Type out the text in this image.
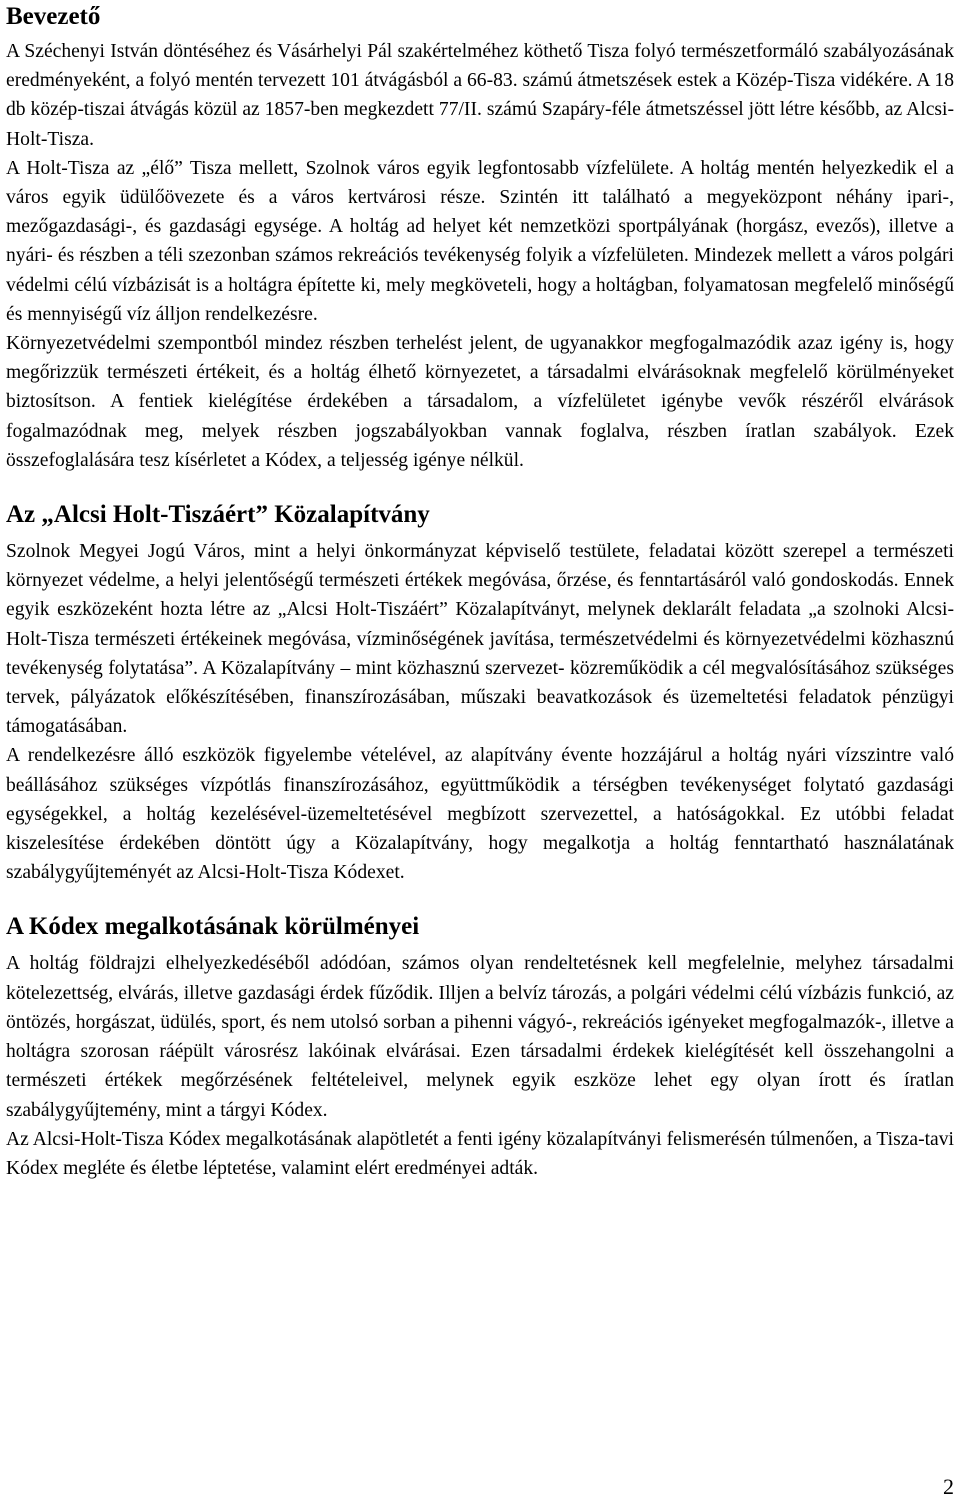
Bevezető

A Széchenyi István döntéséhez és Vásárhelyi Pál szakértelméhez köthető Tisza folyó természetformáló szabályozásának eredményeként, a folyó mentén tervezett 101 átvágásból a 66-83. számú átmetszések estek a Közép-Tisza vidékére. A 18 db közép-tiszai átvágás közül az 1857-ben megkezdett 77/II. számú Szapáry-féle átmetszéssel jött létre később, az Alcsi-Holt-Tisza.

A Holt-Tisza az „élő” Tisza mellett, Szolnok város egyik legfontosabb vízfelülete. A holtág mentén helyezkedik el a város egyik üdülőövezete és a város kertvárosi része. Szintén itt található a megyeközpont néhány ipari-, mezőgazdasági-, és gazdasági egysége. A holtág ad helyet két nemzetközi sportpályának (horgász, evezős), illetve a nyári- és részben a téli szezonban számos rekreációs tevékenység folyik a vízfelületen. Mindezek mellett a város polgári védelmi célú vízbázisát is a holtágra építette ki, mely megköveteli, hogy a holtágban, folyamatosan megfelelő minőségű és mennyiségű víz álljon rendelkezésre.

Környezetvédelmi szempontból mindez részben terhelést jelent, de ugyanakkor megfogalmazódik azaz igény is, hogy megőrizzük természeti értékeit, és a holtág élhető környezetet, a társadalmi elvárásoknak megfelelő körülményeket biztosítson. A fentiek kielégítése érdekében a társadalom, a vízfelületet igénybe vevők részéről elvárások fogalmazódnak meg, melyek részben jogszabályokban vannak foglalva, részben íratlan szabályok. Ezek összefoglalására tesz kísérletet a Kódex, a teljesség igénye nélkül.

Az „Alcsi Holt-Tiszáért” Közalapítvány

Szolnok Megyei Jogú Város, mint a helyi önkormányzat képviselő testülete, feladatai között szerepel a természeti környezet védelme, a helyi jelentőségű természeti értékek megóvása, őrzése, és fenntartásáról való gondoskodás. Ennek egyik eszközeként hozta létre az „Alcsi Holt-Tiszáért” Közalapítványt, melynek deklarált feladata „a szolnoki Alcsi-Holt-Tisza természeti értékeinek megóvása, vízminőségének javítása, természetvédelmi és környezetvédelmi közhasznú tevékenység folytatása”. A Közalapítvány – mint közhasznú szervezet- közreműködik a cél megvalósításához szükséges tervek, pályázatok előkészítésében, finanszírozásában, műszaki beavatkozások és üzemeltetési feladatok pénzügyi támogatásában.

A rendelkezésre álló eszközök figyelembe vételével, az alapítvány évente hozzájárul a holtág nyári vízszintre való beállásához szükséges vízpótlás finanszírozásához, együttműködik a térségben tevékenységet folytató gazdasági egységekkel, a holtág kezelésével-üzemeltetésével megbízott szervezettel, a hatóságokkal. Ez utóbbi feladat kiszelesítése érdekében döntött úgy a Közalapítvány, hogy megalkotja a holtág fenntartható használatának szabálygyűjteményét az Alcsi-Holt-Tisza Kódexet.

A Kódex megalkotásának körülményei

A holtág földrajzi elhelyezkedéséből adódóan, számos olyan rendeltetésnek kell megfelelnie, melyhez társadalmi kötelezettség, elvárás, illetve gazdasági érdek fűződik. Illjen a belvíz tározás, a polgári védelmi célú vízbázis funkció, az öntözés, horgászat, üdülés, sport, és nem utolsó sorban a pihenni vágyó-, rekreációs igényeket megfogalmazók-, illetve a holtágra szorosan ráépült városrész lakóinak elvárásai. Ezen társadalmi érdekek kielégítését kell összehangolni a természeti értékek megőrzésének feltételeivel, melynek egyik eszköze lehet egy olyan írott és íratlan szabálygyűjtemény, mint a tárgyi Kódex.

Az Alcsi-Holt-Tisza Kódex megalkotásának alapötletét a fenti igény közalapítványi felismerésén túlmenően, a Tisza-tavi Kódex megléte és életbe léptetése, valamint elért eredményei adták.

2
